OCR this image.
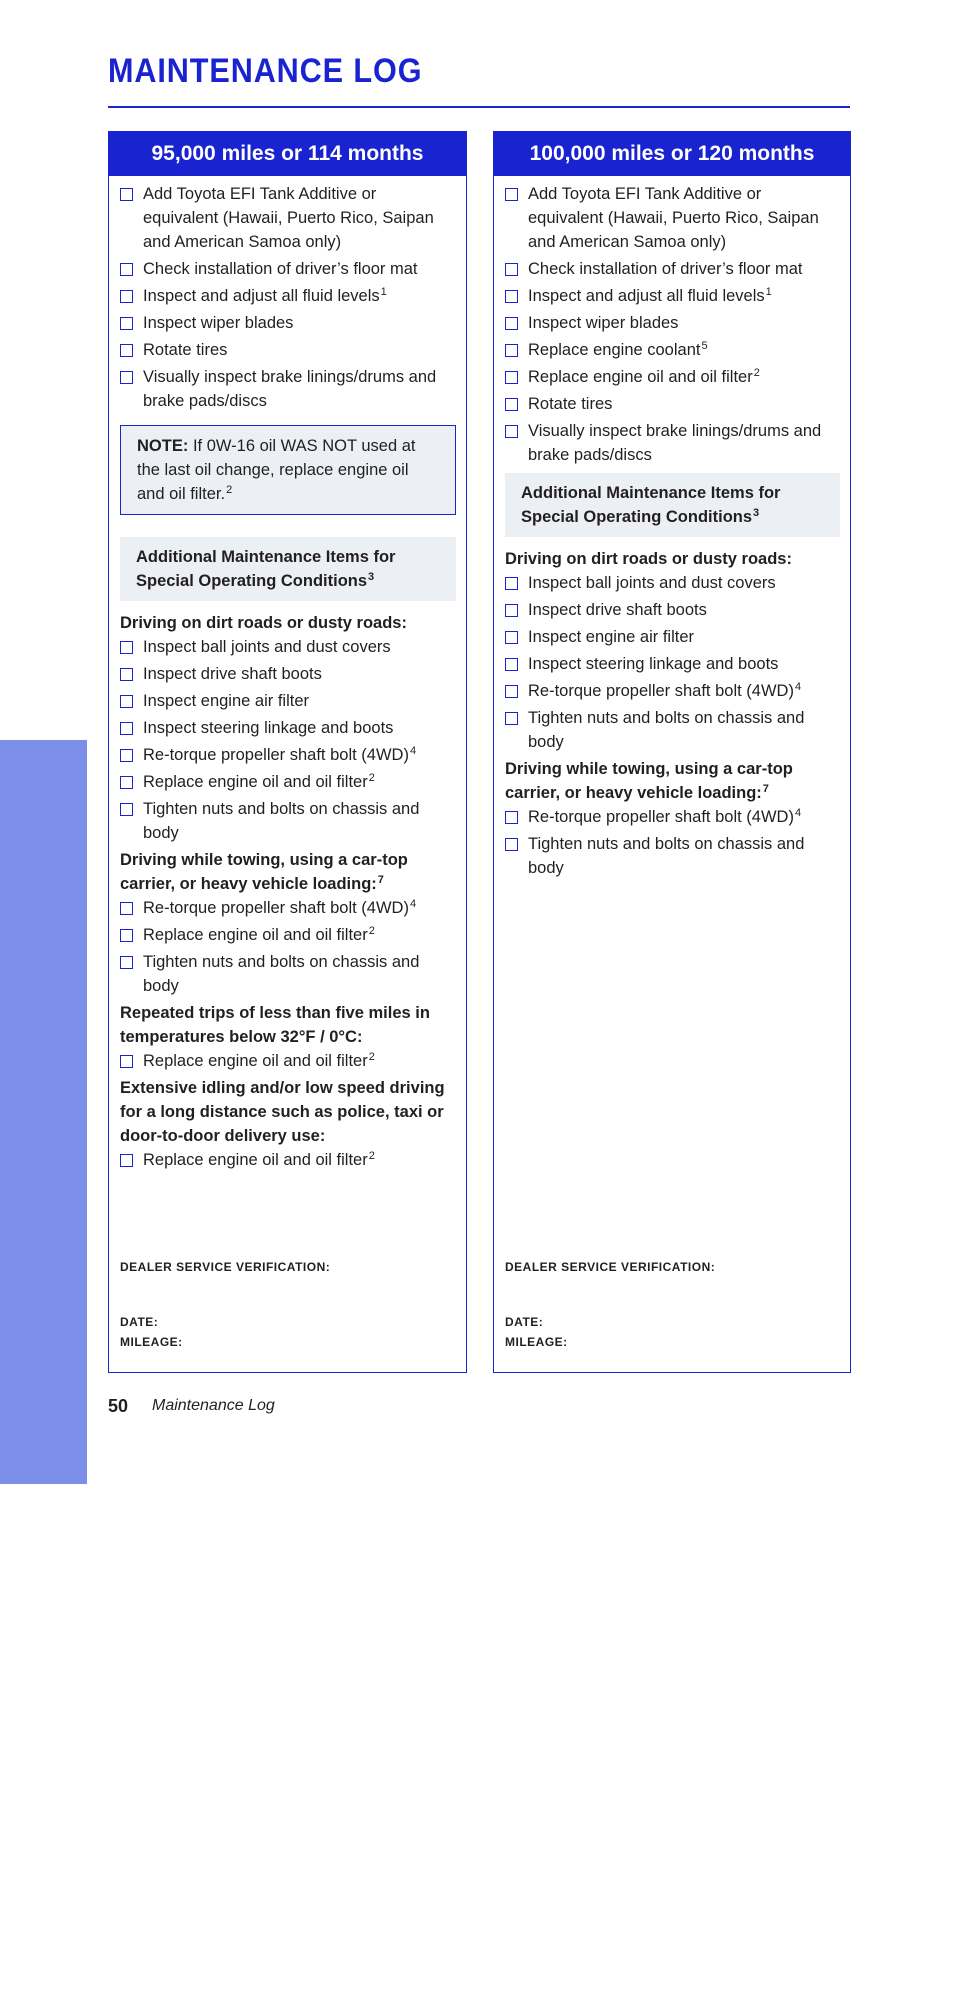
MAINTENANCE
MAINTENANCE LOG
95,000 miles or 114 months
Add Toyota EFI Tank Additive or equivalent (Hawaii, Puerto Rico, Saipan and American Samoa only)
Check installation of driver’s floor mat
Inspect and adjust all fluid levels$^1$
Inspect wiper blades
Rotate tires
Visually inspect brake linings/drums and brake pads/discs
NOTE: If 0W-16 oil WAS NOT used at the last oil change, replace engine oil and oil filter.$^2$
Additional Maintenance Items for Special Operating Conditions$^3$
Driving on dirt roads or dusty roads:
Inspect ball joints and dust covers
Inspect drive shaft boots
Inspect engine air filter
Inspect steering linkage and boots
Re-torque propeller shaft bolt $(4WD)^4$
Replace engine oil and oil filter$^2$
Tighten nuts and bolts on chassis and body
Driving while towing, using a car-top carrier, or heavy vehicle loading:$^7$
Re-torque propeller shaft bolt $(4WD)^4$
Replace engine oil and oil filter$^2$
Tighten nuts and bolts on chassis and body
Repeated trips of less than five miles in temperatures below 32°F / 0°C:
Replace engine oil and oil filter$^2$
Extensive idling and/or low speed driving for a long distance such as police, taxi or door-to-door delivery use:
Replace engine oil and oil filter$^2$
DEALER SERVICE VERIFICATION:
DATE:
MILEAGE:
100,000 miles or 120 months
Add Toyota EFI Tank Additive or equivalent (Hawaii, Puerto Rico, Saipan and American Samoa only)
Check installation of driver’s floor mat
Inspect and adjust all fluid levels$^1$
Inspect wiper blades
Replace engine coolant$^5$
Replace engine oil and oil filter$^2$
Rotate tires
Visually inspect brake linings/drums and brake pads/discs
Additional Maintenance Items for Special Operating Conditions$^3$
Driving on dirt roads or dusty roads:
Inspect ball joints and dust covers
Inspect drive shaft boots
Inspect engine air filter
Inspect steering linkage and boots
Re-torque propeller shaft bolt $(4WD)^4$
Tighten nuts and bolts on chassis and body
Driving while towing, using a car-top carrier, or heavy vehicle loading:$^7$
Re-torque propeller shaft bolt $(4WD)^4$
Tighten nuts and bolts on chassis and body
DEALER SERVICE VERIFICATION:
DATE:
MILEAGE:
50 Maintenance Log
